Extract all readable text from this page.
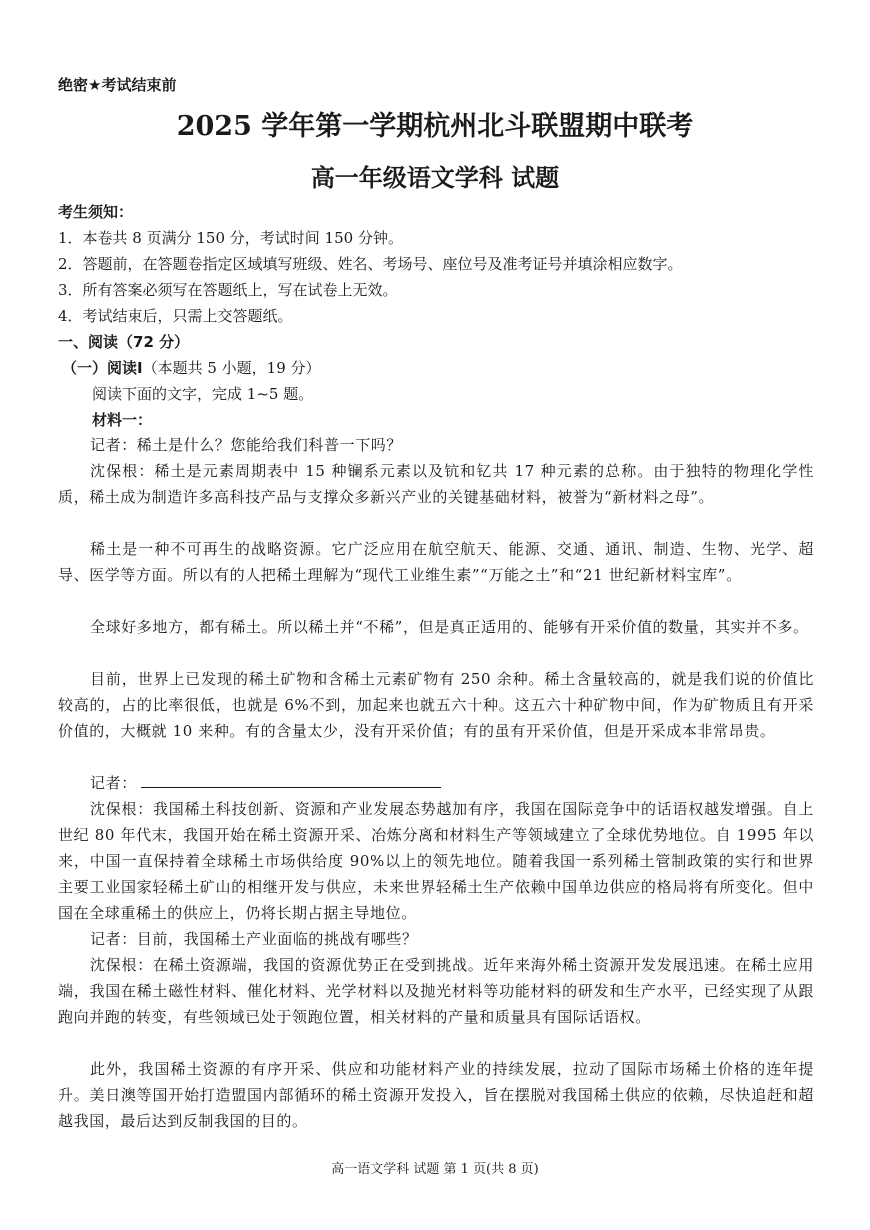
绝密★考试结束前
2025 学年第一学期杭州北斗联盟期中联考
高一年级语文学科 试题
考生须知：
1．本卷共 8 页满分 150 分，考试时间 150 分钟。
2．答题前，在答题卷指定区域填写班级、姓名、考场号、座位号及准考证号并填涂相应数字。
3．所有答案必须写在答题纸上，写在试卷上无效。
4．考试结束后，只需上交答题纸。
一、阅读（72 分）
（一）阅读Ⅰ（本题共 5 小题，19 分）
阅读下面的文字，完成 1~5 题。
材料一：
记者：稀土是什么？您能给我们科普一下吗？
沈保根：稀土是元素周期表中 15 种镧系元素以及钪和钇共 17 种元素的总称。由于独特的物理化学性质，稀土成为制造许多高科技产品与支撑众多新兴产业的关键基础材料，被誉为“新材料之母”。
稀土是一种不可再生的战略资源。它广泛应用在航空航天、能源、交通、通讯、制造、生物、光学、超导、医学等方面。所以有的人把稀土理解为“现代工业维生素”“万能之土”和“21 世纪新材料宝库”。
全球好多地方，都有稀土。所以稀土并“不稀”，但是真正适用的、能够有开采价值的数量，其实并不多。
目前，世界上已发现的稀土矿物和含稀土元素矿物有 250 余种。稀土含量较高的，就是我们说的价值比较高的，占的比率很低，也就是 6%不到，加起来也就五六十种。这五六十种矿物中间，作为矿物质且有开采价值的，大概就 10 来种。有的含量太少，没有开采价值；有的虽有开采价值，但是开采成本非常昂贵。
记者：
沈保根：我国稀土科技创新、资源和产业发展态势越加有序，我国在国际竞争中的话语权越发增强。自上世纪 80 年代末，我国开始在稀土资源开采、冶炼分离和材料生产等领域建立了全球优势地位。自 1995 年以来，中国一直保持着全球稀土市场供给度 90%以上的领先地位。随着我国一系列稀土管制政策的实行和世界主要工业国家轻稀土矿山的相继开发与供应，未来世界轻稀土生产依赖中国单边供应的格局将有所变化。但中国在全球重稀土的供应上，仍将长期占据主导地位。
记者：目前，我国稀土产业面临的挑战有哪些？
沈保根：在稀土资源端，我国的资源优势正在受到挑战。近年来海外稀土资源开发发展迅速。在稀土应用端，我国在稀土磁性材料、催化材料、光学材料以及抛光材料等功能材料的研发和生产水平，已经实现了从跟跑向并跑的转变，有些领域已处于领跑位置，相关材料的产量和质量具有国际话语权。
此外，我国稀土资源的有序开采、供应和功能材料产业的持续发展，拉动了国际市场稀土价格的连年提升。美日澳等国开始打造盟国内部循环的稀土资源开发投入，旨在摆脱对我国稀土供应的依赖，尽快追赶和超越我国，最后达到反制我国的目的。
高一语文学科 试题 第 1 页(共 8 页)
